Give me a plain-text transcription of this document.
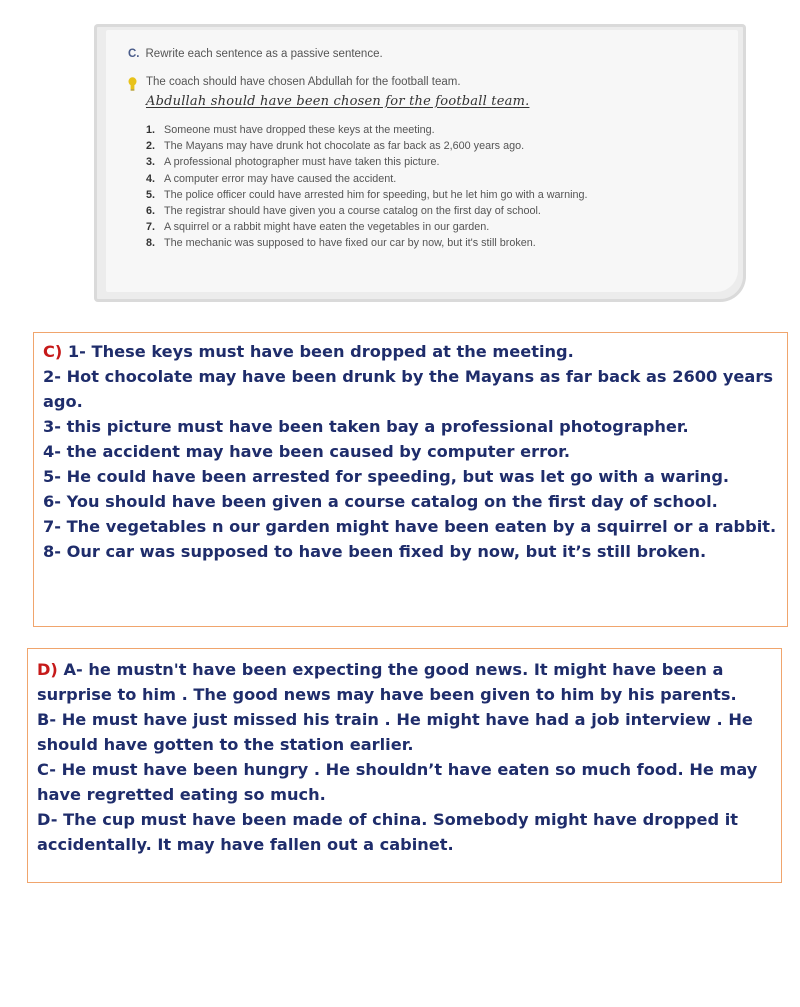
C. Rewrite each sentence as a passive sentence.
The coach should have chosen Abdullah for the football team.
Abdullah should have been chosen for the football team.
1. Someone must have dropped these keys at the meeting.
2. The Mayans may have drunk hot chocolate as far back as 2,600 years ago.
3. A professional photographer must have taken this picture.
4. A computer error may have caused the accident.
5. The police officer could have arrested him for speeding, but he let him go with a warning.
6. The registrar should have given you a course catalog on the first day of school.
7. A squirrel or a rabbit might have eaten the vegetables in our garden.
8. The mechanic was supposed to have fixed our car by now, but it's still broken.
C) 1- These keys must have been dropped at the meeting.
2- Hot chocolate may have been drunk by the Mayans as far back as 2600 years ago.
3- this picture must have been taken bay a professional photographer.
4- the accident may have been caused by computer error.
5- He could have been arrested for speeding, but was let go with a waring.
6- You should have been given a course catalog on the first day of school.
7- The vegetables n our garden might have been eaten by a squirrel or a rabbit.
8- Our car was supposed to have been fixed by now, but it’s still broken.
D) A- he mustn't have been expecting the good news. It might have been a surprise to him . The good news may have been given to him by his parents.
B- He must have just missed his train . He might have had a job interview . He should have gotten to the station earlier.
C- He must have been hungry . He shouldn’t have eaten so much food. He may have regretted eating so much.
D- The cup must have been made of china. Somebody might have dropped it accidentally. It may have fallen out a cabinet.
